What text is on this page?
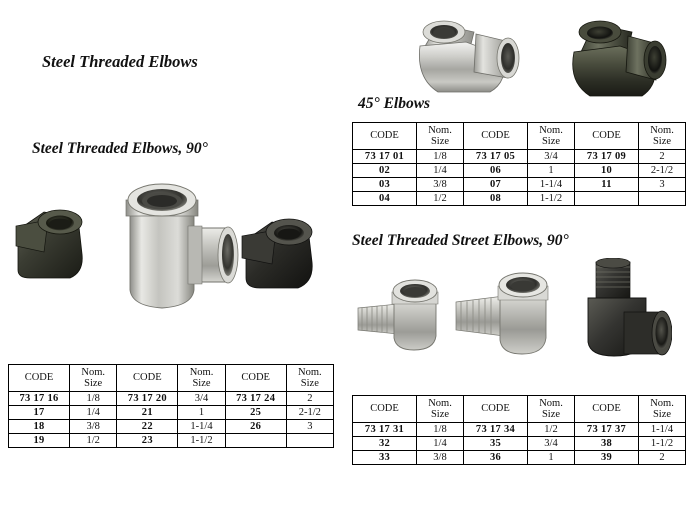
Steel Threaded Elbows
Steel Threaded Elbows, 90°
45° Elbows
Steel Threaded Street Elbows, 90°
CODE	Nom.
Size	CODE	Nom.
Size	CODE	Nom.
Size

73 17 01	1/8	73 17 05	3/4	73 17 09	2
02	1/4	06	1	10	2-1/2
03	3/8	07	1-1/4	11	3
04	1/2	08	1-1/2		
CODE	Nom.
Size	CODE	Nom.
Size	CODE	Nom.
Size

73 17 16	1/8	73 17 20	3/4	73 17 24	2
17	1/4	21	1	25	2-1/2
18	3/8	22	1-1/4	26	3
19	1/2	23	1-1/2		
CODE	Nom.
Size	CODE	Nom.
Size	CODE	Nom.
Size

73 17 31	1/8	73 17 34	1/2	73 17 37	1-1/4
32	1/4	35	3/4	38	1-1/2
33	3/8	36	1	39	2
